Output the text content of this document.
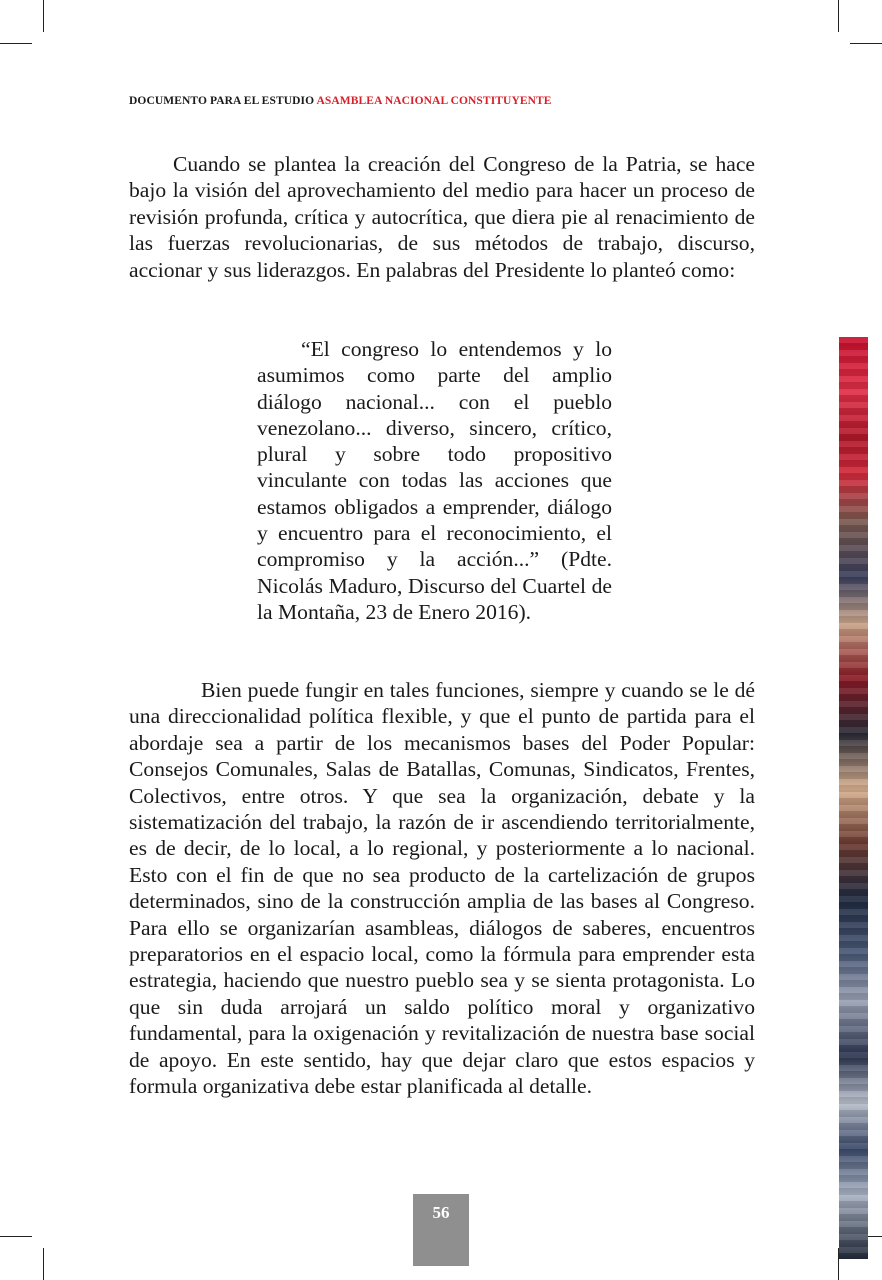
DOCUMENTO PARA EL ESTUDIO ASAMBLEA NACIONAL CONSTITUYENTE
Cuando se plantea la creación del Congreso de la Patria, se hace bajo la visión del aprovechamiento del medio para hacer un proceso de revisión profunda, crítica y autocrítica, que diera pie al renacimiento de las fuerzas revolucionarias, de sus métodos de trabajo, discurso, accionar y sus liderazgos. En palabras del Presidente lo planteó como:
“El congreso lo entendemos y lo asumimos como parte del amplio diálogo nacional... con el pueblo venezolano... diverso, sincero, crítico, plural y sobre todo propositivo vinculante con todas las acciones que estamos obligados a emprender, diálogo y encuentro para el reconocimiento, el compromiso y la acción...” (Pdte. Nicolás Maduro, Discurso del Cuartel de la Montaña, 23 de Enero 2016).
Bien puede fungir en tales funciones, siempre y cuando se le dé una direccionalidad política flexible, y que el punto de partida para el abordaje sea a partir de los mecanismos bases del Poder Popular: Consejos Comunales, Salas de Batallas, Comunas, Sindicatos, Frentes, Colectivos, entre otros. Y que sea la organización, debate y la sistematización del trabajo, la razón de ir ascendiendo territorialmente, es de decir, de lo local, a lo regional, y posteriormente a lo nacional. Esto con el fin de que no sea producto de la cartelización de grupos determinados, sino de la construcción amplia de las bases al Congreso. Para ello se organizarían asambleas, diálogos de saberes, encuentros preparatorios en el espacio local, como la fórmula para emprender esta estrategia, haciendo que nuestro pueblo sea y se sienta protagonista. Lo que sin duda arrojará un saldo político moral y organizativo fundamental, para la oxigenación y revitalización de nuestra base social de apoyo. En este sentido, hay que dejar claro que estos espacios y formula organizativa debe estar planificada al detalle.
56
